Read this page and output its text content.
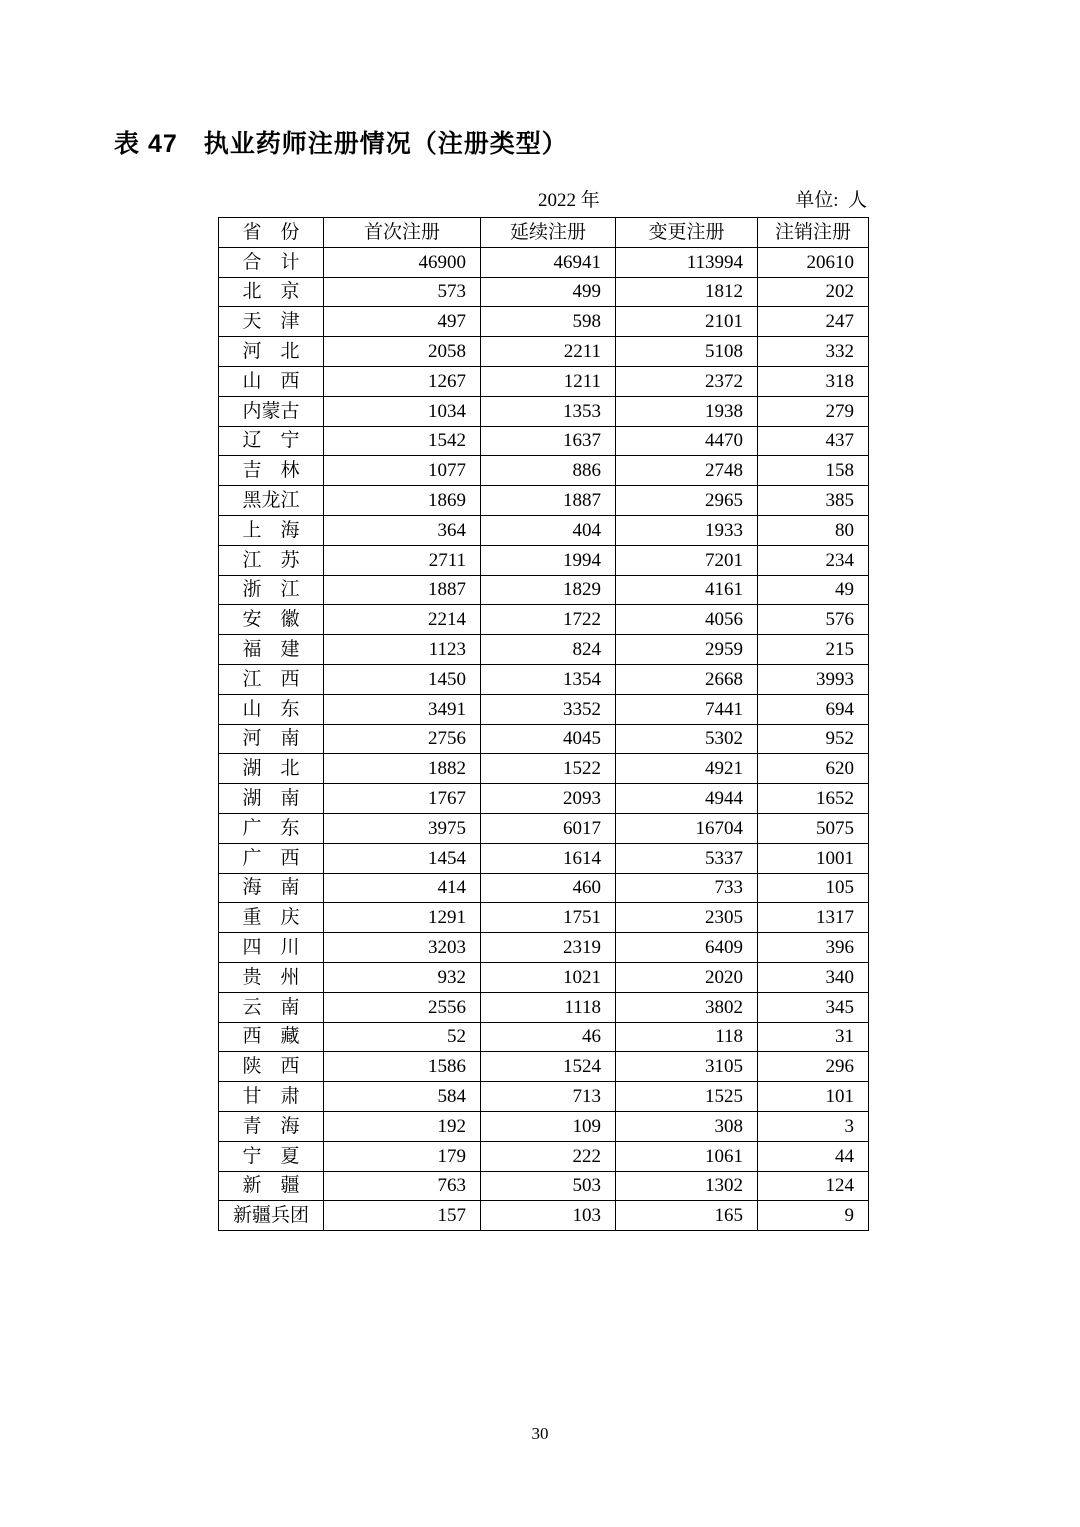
表 47　执业药师注册情况（注册类型）

2022 年

	单位: 人

省  份	首次注册	延续注册	变更注册	注销注册
合  计	46900	46941	113994	20610
北  京	573	499	1812	202
天  津	497	598	2101	247
河  北	2058	2211	5108	332
山  西	1267	1211	2372	318
内蒙古	1034	1353	1938	279
辽  宁	1542	1637	4470	437
吉  林	1077	886	2748	158
黑龙江	1869	1887	2965	385
上  海	364	404	1933	80
江  苏	2711	1994	7201	234
浙  江	1887	1829	4161	49
安  徽	2214	1722	4056	576
福  建	1123	824	2959	215
江  西	1450	1354	2668	3993
山  东	3491	3352	7441	694
河  南	2756	4045	5302	952
湖  北	1882	1522	4921	620
湖  南	1767	2093	4944	1652
广  东	3975	6017	16704	5075
广  西	1454	1614	5337	1001
海  南	414	460	733	105
重  庆	1291	1751	2305	1317
四  川	3203	2319	6409	396
贵  州	932	1021	2020	340
云  南	2556	1118	3802	345
西  藏	52	46	118	31
陕  西	1586	1524	3105	296
甘  肃	584	713	1525	101
青  海	192	109	308	3
宁  夏	179	222	1061	44
新  疆	763	503	1302	124
新疆兵团	157	103	165	9
30
